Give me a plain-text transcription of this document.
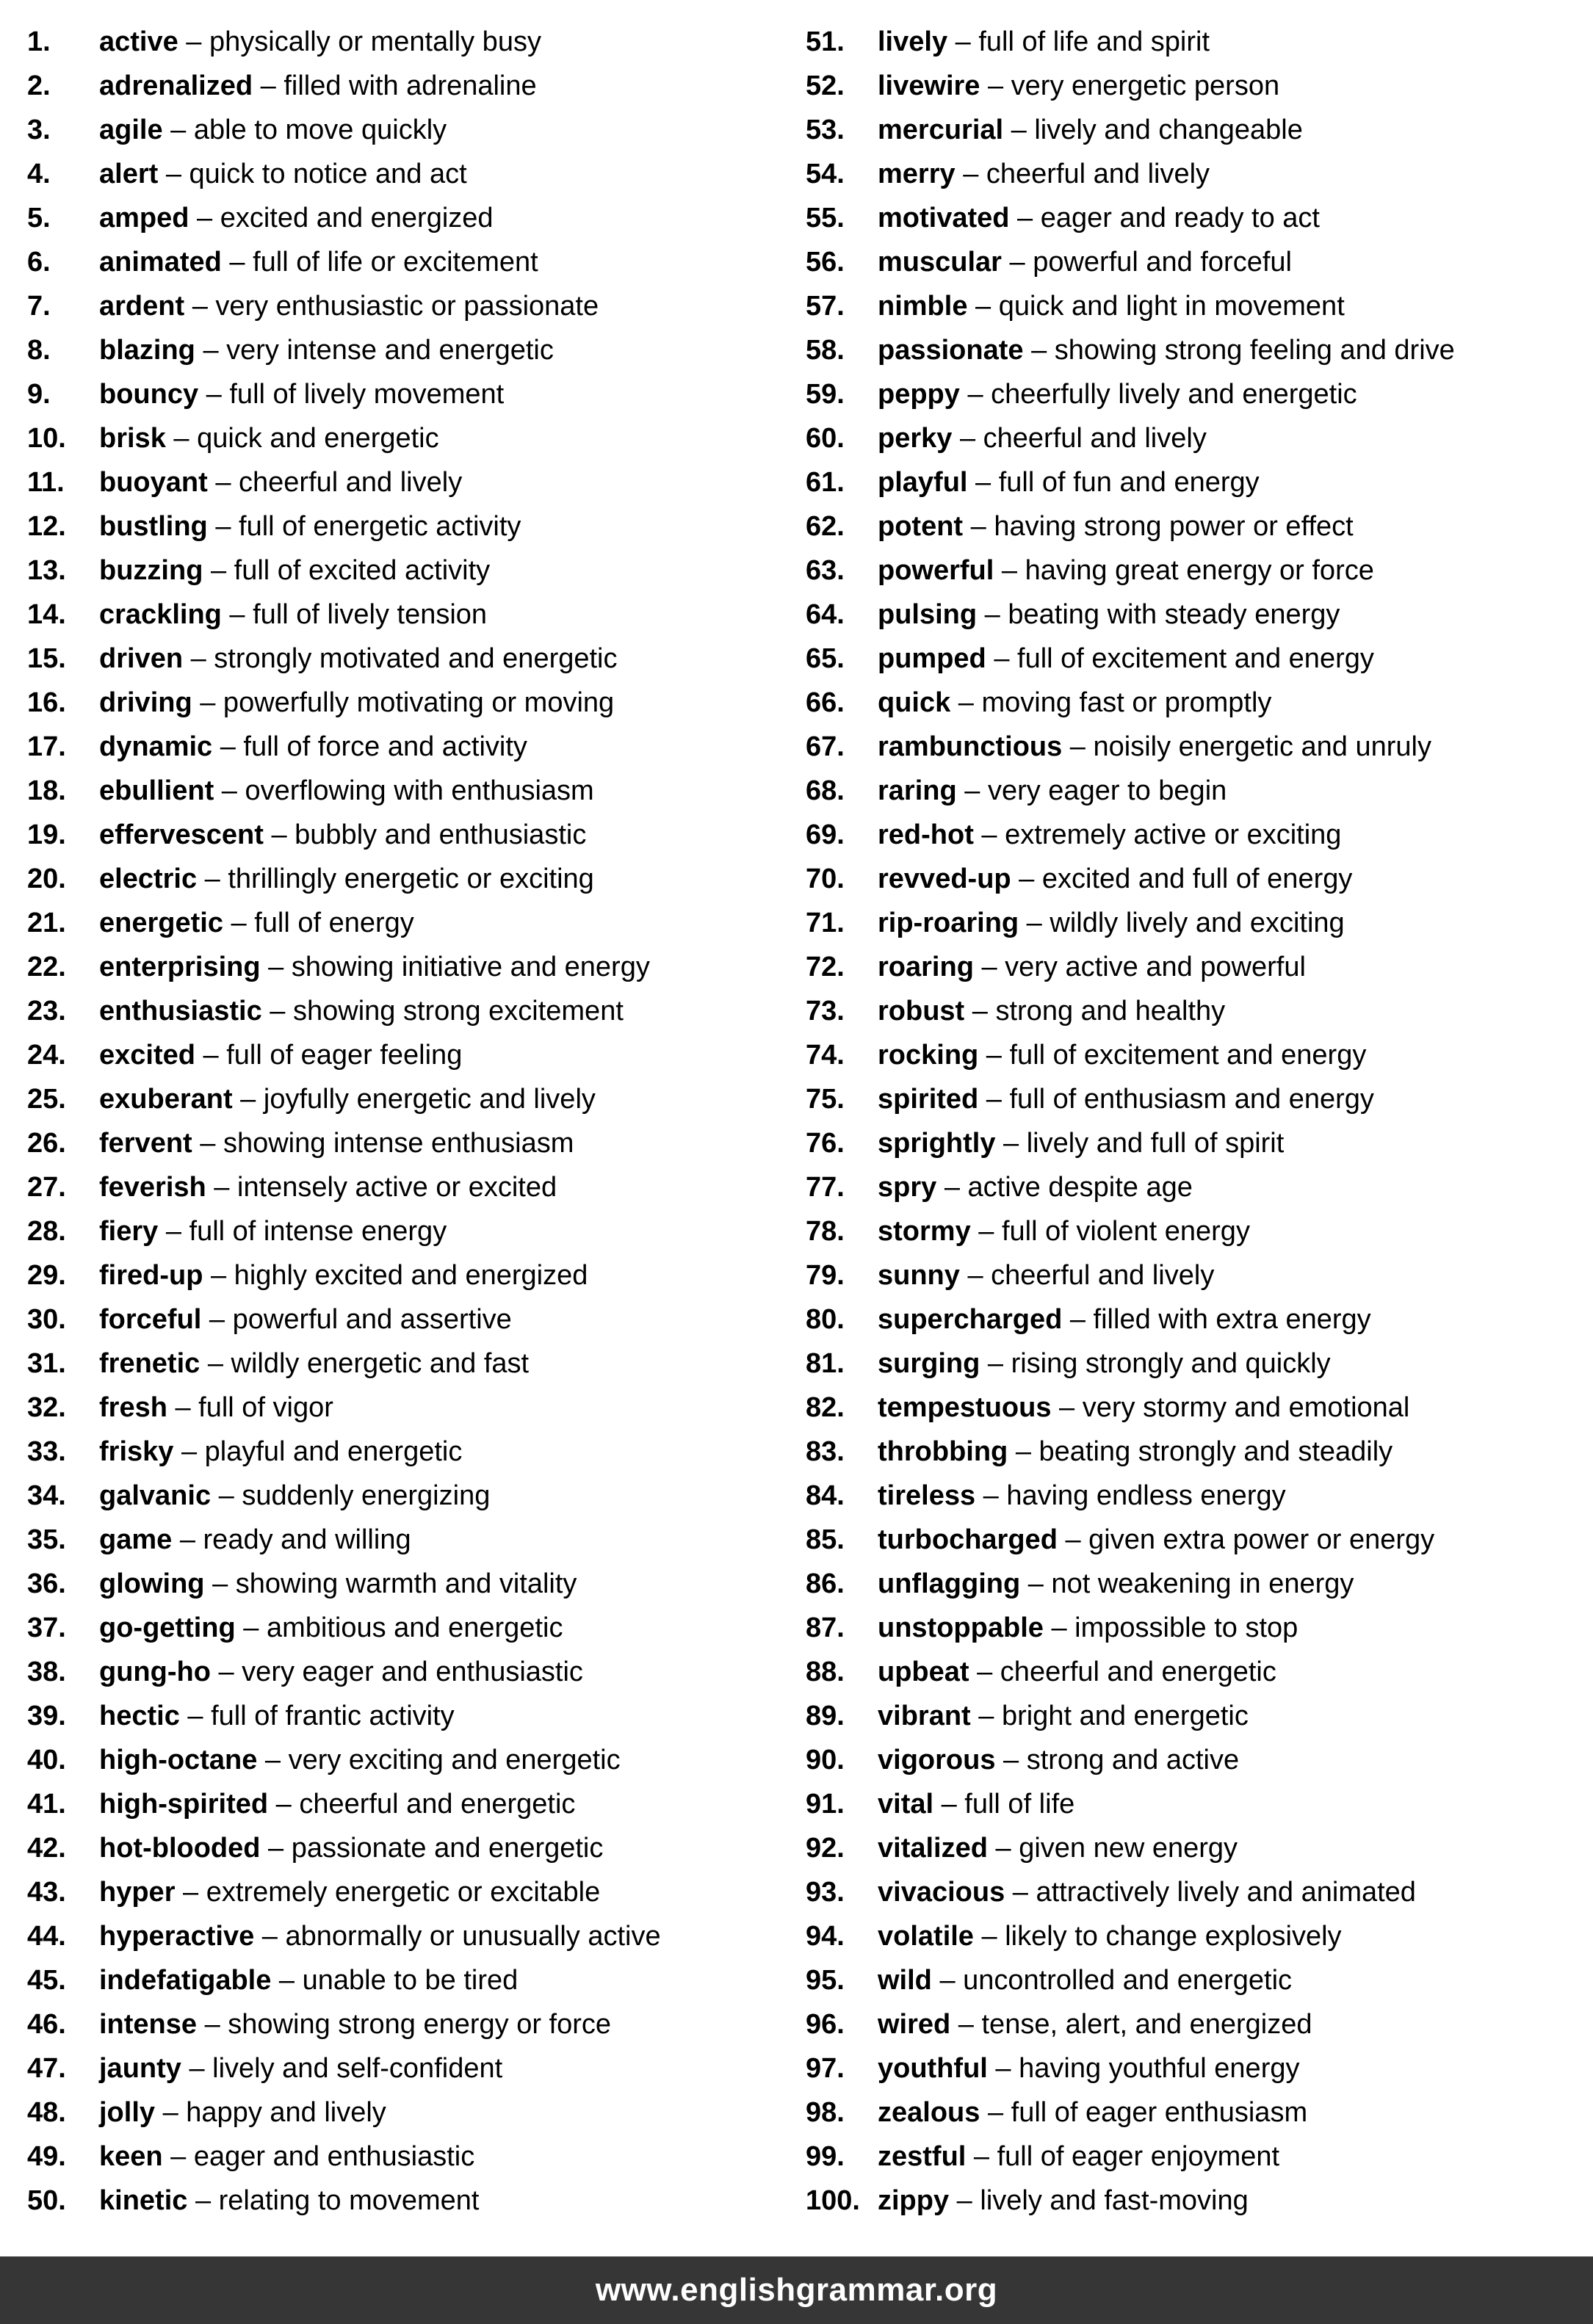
1.	active – physically or mentally busy
2.	adrenalized – filled with adrenaline
3.	agile – able to move quickly
4.	alert – quick to notice and act
5.	amped – excited and energized
6.	animated – full of life or excitement
7.	ardent – very enthusiastic or passionate
8.	blazing – very intense and energetic
9.	bouncy – full of lively movement
10.	brisk – quick and energetic
11.	buoyant – cheerful and lively
12.	bustling – full of energetic activity
13.	buzzing – full of excited activity
14.	crackling – full of lively tension
15.	driven – strongly motivated and energetic
16.	driving – powerfully motivating or moving
17.	dynamic – full of force and activity
18.	ebullient – overflowing with enthusiasm
19.	effervescent – bubbly and enthusiastic
20.	electric – thrillingly energetic or exciting
21.	energetic – full of energy
22.	enterprising – showing initiative and energy
23.	enthusiastic – showing strong excitement
24.	excited – full of eager feeling
25.	exuberant – joyfully energetic and lively
26.	fervent – showing intense enthusiasm
27.	feverish – intensely active or excited
28.	fiery – full of intense energy
29.	fired-up – highly excited and energized
30.	forceful – powerful and assertive
31.	frenetic – wildly energetic and fast
32.	fresh – full of vigor
33.	frisky – playful and energetic
34.	galvanic – suddenly energizing
35.	game – ready and willing
36.	glowing – showing warmth and vitality
37.	go-getting – ambitious and energetic
38.	gung-ho – very eager and enthusiastic
39.	hectic – full of frantic activity
40.	high-octane – very exciting and energetic
41.	high-spirited – cheerful and energetic
42.	hot-blooded – passionate and energetic
43.	hyper – extremely energetic or excitable
44.	hyperactive – abnormally or unusually active
45.	indefatigable – unable to be tired
46.	intense – showing strong energy or force
47.	jaunty – lively and self-confident
48.	jolly – happy and lively
49.	keen – eager and enthusiastic
50.	kinetic – relating to movement
51.	lively – full of life and spirit
52.	livewire – very energetic person
53.	mercurial – lively and changeable
54.	merry – cheerful and lively
55.	motivated – eager and ready to act
56.	muscular – powerful and forceful
57.	nimble – quick and light in movement
58.	passionate – showing strong feeling and drive
59.	peppy – cheerfully lively and energetic
60.	perky – cheerful and lively
61.	playful – full of fun and energy
62.	potent – having strong power or effect
63.	powerful – having great energy or force
64.	pulsing – beating with steady energy
65.	pumped – full of excitement and energy
66.	quick – moving fast or promptly
67.	rambunctious – noisily energetic and unruly
68.	raring – very eager to begin
69.	red-hot – extremely active or exciting
70.	revved-up – excited and full of energy
71.	rip-roaring – wildly lively and exciting
72.	roaring – very active and powerful
73.	robust – strong and healthy
74.	rocking – full of excitement and energy
75.	spirited – full of enthusiasm and energy
76.	sprightly – lively and full of spirit
77.	spry – active despite age
78.	stormy – full of violent energy
79.	sunny – cheerful and lively
80.	supercharged – filled with extra energy
81.	surging – rising strongly and quickly
82.	tempestuous – very stormy and emotional
83.	throbbing – beating strongly and steadily
84.	tireless – having endless energy
85.	turbocharged – given extra power or energy
86.	unflagging – not weakening in energy
87.	unstoppable – impossible to stop
88.	upbeat – cheerful and energetic
89.	vibrant – bright and energetic
90.	vigorous – strong and active
91.	vital – full of life
92.	vitalized – given new energy
93.	vivacious – attractively lively and animated
94.	volatile – likely to change explosively
95.	wild – uncontrolled and energetic
96.	wired – tense, alert, and energized
97.	youthful – having youthful energy
98.	zealous – full of eager enthusiasm
99.	zestful – full of eager enjoyment
100. zippy – lively and fast-moving
www.englishgrammar.org
